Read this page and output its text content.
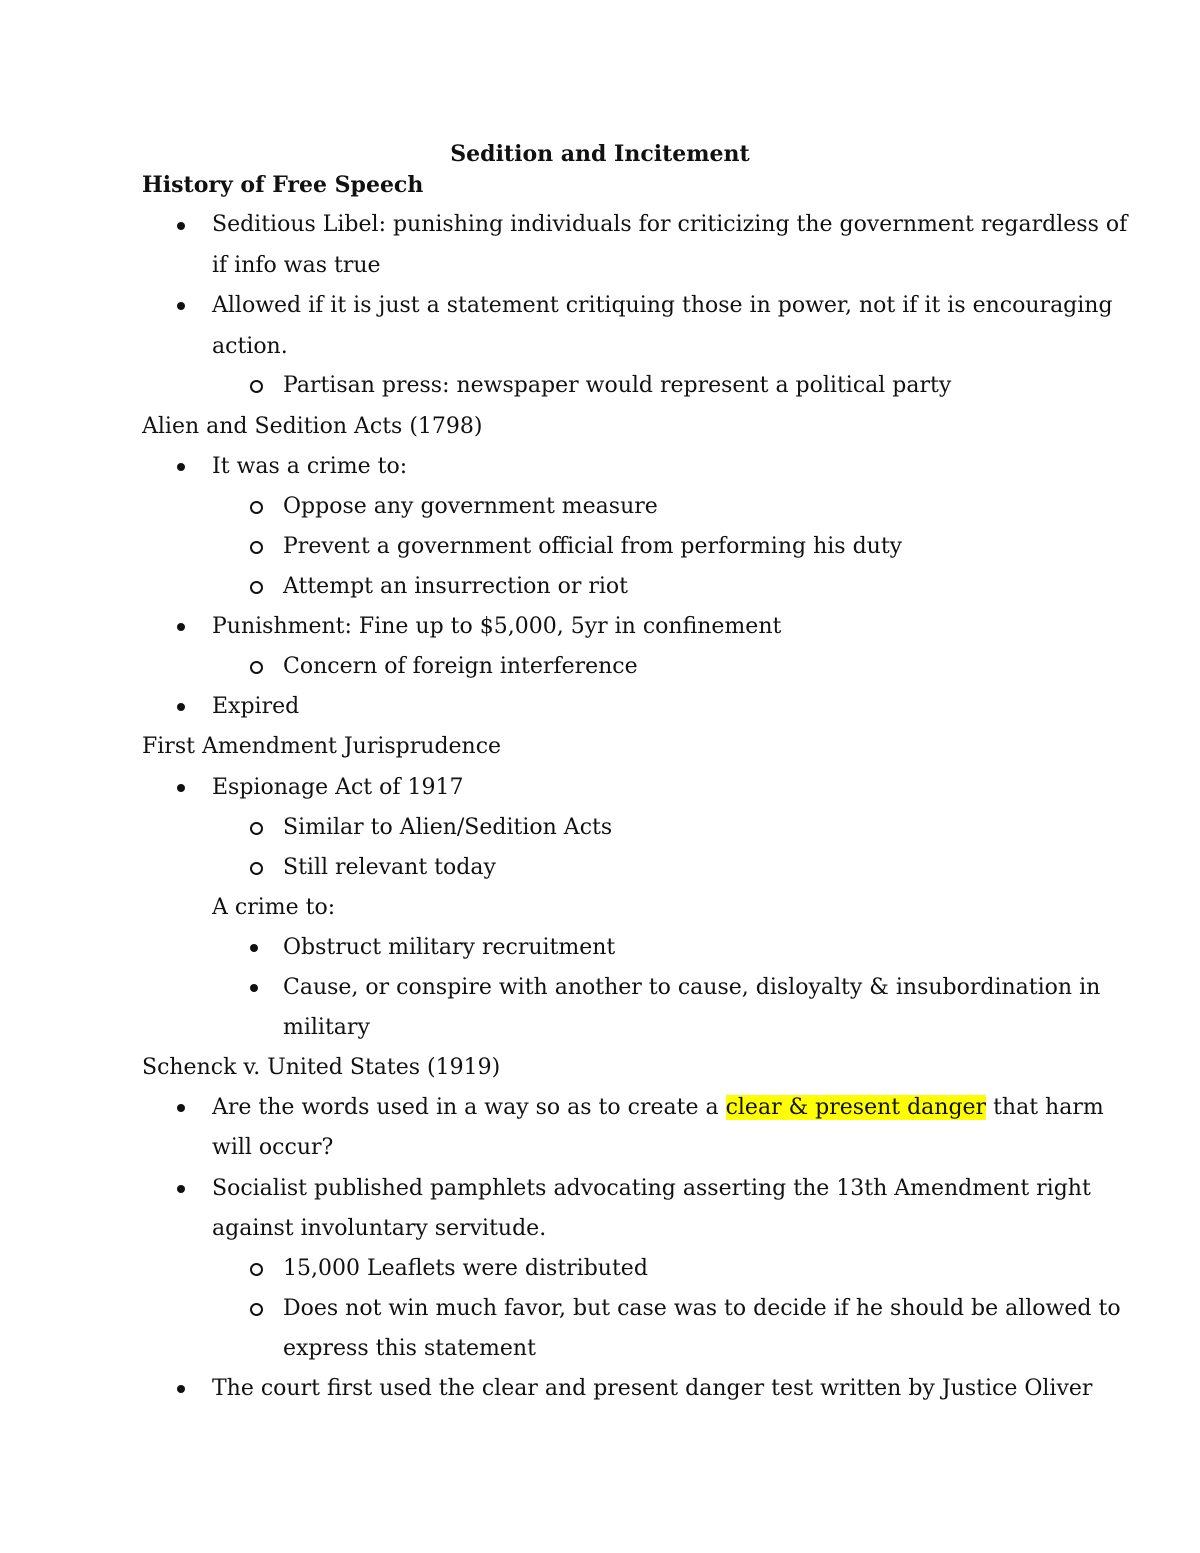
Sedition and Incitement
History of Free Speech
Seditious Libel: punishing individuals for criticizing the government regardless of
if info was true
Allowed if it is just a statement critiquing those in power, not if it is encouraging
action.
Partisan press: newspaper would represent a political party
Alien and Sedition Acts (1798)
It was a crime to:
Oppose any government measure
Prevent a government official from performing his duty
Attempt an insurrection or riot
Punishment: Fine up to $5,000, 5yr in confinement
Concern of foreign interference
Expired
First Amendment Jurisprudence
Espionage Act of 1917
Similar to Alien/Sedition Acts
Still relevant today
A crime to:
Obstruct military recruitment
Cause, or conspire with another to cause, disloyalty & insubordination in
military
Schenck v. United States (1919)
Are the words used in a way so as to create a clear & present danger that harm
will occur?
Socialist published pamphlets advocating asserting the 13th Amendment right
against involuntary servitude.
15,000 Leaflets were distributed
Does not win much favor, but case was to decide if he should be allowed to
express this statement
The court first used the clear and present danger test written by Justice Oliver
